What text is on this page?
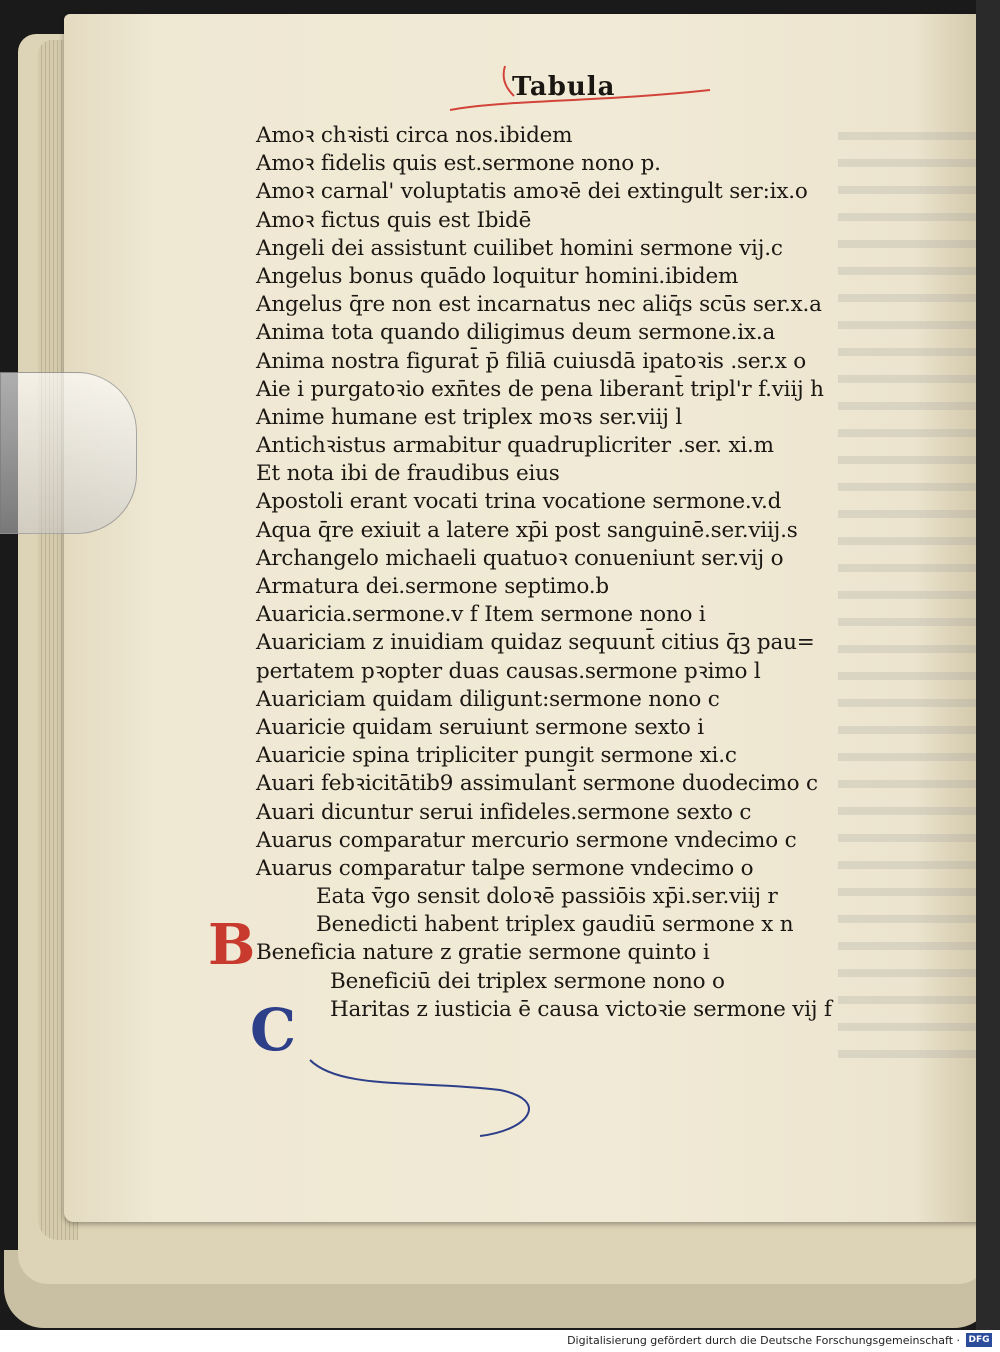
Tabula
Amoꝛ chꝛisti circa nos.ibidem
Amoꝛ fidelis quis est.sermone nono p.
Amoꝛ carnal' voluptatis amoꝛē dei extingult ser:ix.o
Amoꝛ fictus quis est Ibidē
Angeli dei assistunt cuilibet homini sermone vij.c
Angelus bonus quādo loquitur homini.ibidem
Angelus q̄re non est incarnatus nec aliq̄s scūs ser.x.a
Anima tota quando diligimus deum sermone.ix.a
Anima nostra figurat̄ p̄ filiā cuiusdā ipatoꝛis .ser.x o
Aie i purgatoꝛio exn̄tes de pena liberant̄ tripl'r f.viij h
Anime humane est triplex moꝛs ser.viij l
Antichꝛistus armabitur quadruplicriter .ser. xi.m
Et nota ibi de fraudibus eius
Apostoli erant vocati trina vocatione sermone.v.d
Aqua q̄re exiuit a latere xp̄i post sanguinē.ser.viij.s
Archangelo michaeli quatuoꝛ conueniunt ser.vij o
Armatura dei.sermone septimo.b
Auaricia.sermone.v f Item sermone nono i
Auariciam z inuidiam quidaz sequunt̄ citius q̄ꝫ pau=
pertatem pꝛopter duas causas.sermone pꝛimo l
Auariciam quidam diligunt:sermone nono c
Auaricie quidam seruiunt sermone sexto i
Auaricie spina tripliciter pungit sermone xi.c
Auari febꝛicitātib9 assimulant̄ sermone duodecimo c
Auari dicuntur serui infideles.sermone sexto c
Auarus comparatur mercurio sermone vndecimo c
Auarus comparatur talpe sermone vndecimo o
Eata v̄go sensit doloꝛē passiōis xp̄i.ser.viij r
Benedicti habent triplex gaudiū sermone x n
Beneficia nature z gratie sermone quinto i
Beneficiū dei triplex sermone nono o
Haritas z iusticia ē causa victoꝛie sermone vij f
B
C
Digitalisierung gefördert durch die Deutsche Forschungsgemeinschaft · DFG
